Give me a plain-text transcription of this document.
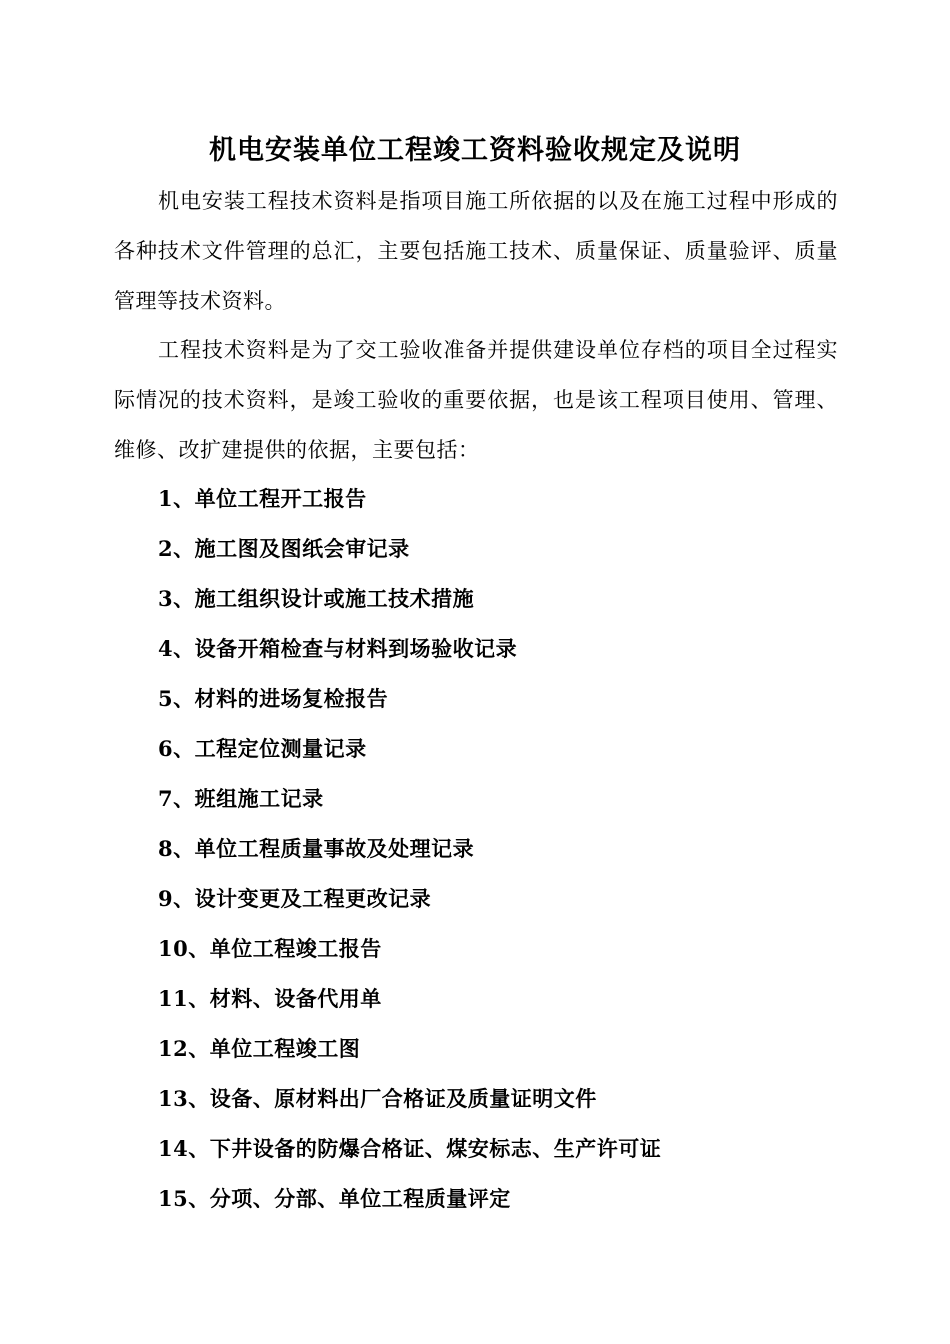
机电安装单位工程竣工资料验收规定及说明

机电安装工程技术资料是指项目施工所依据的以及在施工过程中形成的各种技术文件管理的总汇，主要包括施工技术、质量保证、质量验评、质量管理等技术资料。

工程技术资料是为了交工验收准备并提供建设单位存档的项目全过程实际情况的技术资料，是竣工验收的重要依据，也是该工程项目使用、管理、维修、改扩建提供的依据，主要包括：

1、单位工程开工报告
2、施工图及图纸会审记录
3、施工组织设计或施工技术措施
4、设备开箱检查与材料到场验收记录
5、材料的进场复检报告
6、工程定位测量记录
7、班组施工记录
8、单位工程质量事故及处理记录
9、设计变更及工程更改记录
10、单位工程竣工报告
11、材料、设备代用单
12、单位工程竣工图
13、设备、原材料出厂合格证及质量证明文件
14、下井设备的防爆合格证、煤安标志、生产许可证
15、分项、分部、单位工程质量评定
